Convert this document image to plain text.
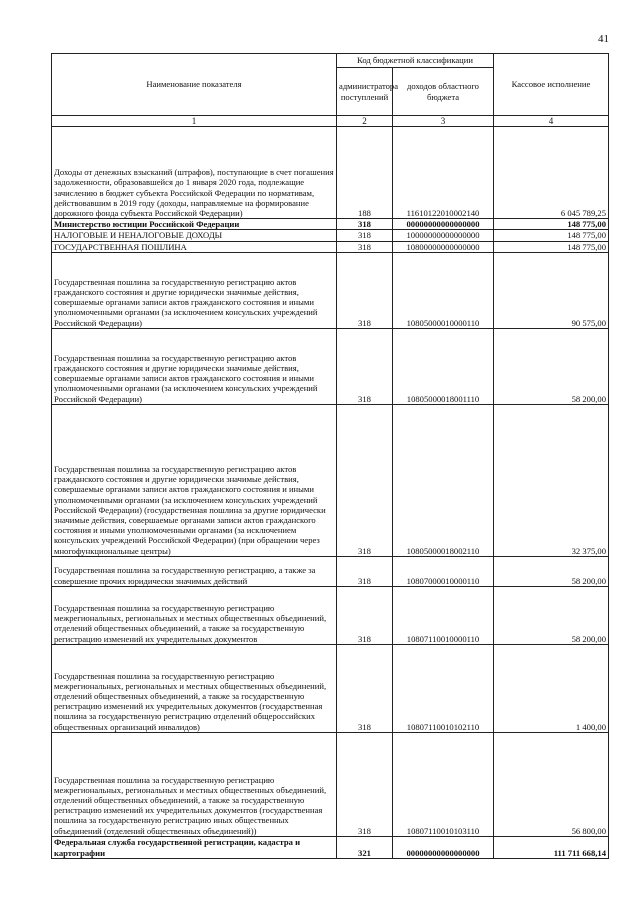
41
Наименование показателя	Код бюджетной классификации		Кассовое исполнение
	администратора поступлений	доходов областного бюджета	
1	2	3	4
Доходы от денежных взысканий (штрафов), поступающие в счет погашения задолженности, образовавшейся до 1 января 2020 года, подлежащие зачислению в бюджет субъекта Российской Федерации по нормативам, действовавшим в 2019 году (доходы, направляемые на формирование дорожного фонда субъекта Российской Федерации)	188	11610122010002140	6 045 789,25
Министерство юстиции Российской Федерации	318	00000000000000000	148 775,00
НАЛОГОВЫЕ И НЕНАЛОГОВЫЕ ДОХОДЫ	318	10000000000000000	148 775,00
ГОСУДАРСТВЕННАЯ ПОШЛИНА	318	10800000000000000	148 775,00
Государственная пошлина за государственную регистрацию актов гражданского состояния и другие юридически значимые действия, совершаемые органами записи актов гражданского состояния и иными уполномоченными органами (за исключением консульских учреждений Российской Федерации)	318	10805000010000110	90 575,00
Государственная пошлина за государственную регистрацию актов гражданского состояния и другие юридически значимые действия, совершаемые органами записи актов гражданского состояния и иными уполномоченными органами (за исключением консульских учреждений Российской Федерации)	318	10805000018001110	58 200,00
Государственная пошлина за государственную регистрацию актов гражданского состояния и другие юридически значимые действия, совершаемые органами записи актов гражданского состояния и иными уполномоченными органами (за исключением консульских учреждений Российской Федерации) (государственная пошлина за другие юридически значимые действия, совершаемые органами записи актов гражданского состояния и иными уполномоченными органами (за исключением консульских учреждений Российской Федерации) (при обращении через многофункциональные центры)	318	10805000018002110	32 375,00
Государственная пошлина за государственную регистрацию, а также за совершение прочих юридически значимых действий	318	10807000010000110	58 200,00
Государственная пошлина за государственную регистрацию межрегиональных, региональных и местных общественных объединений, отделений общественных объединений, а также за государственную регистрацию изменений их учредительных документов	318	10807110010000110	58 200,00
Государственная пошлина за государственную регистрацию межрегиональных, региональных и местных общественных объединений, отделений общественных объединений, а также за государственную регистрацию изменений их учредительных документов (государственная пошлина за государственную регистрацию отделений общероссийских общественных организаций инвалидов)	318	10807110010102110	1 400,00
Государственная пошлина за государственную регистрацию межрегиональных, региональных и местных общественных объединений, отделений общественных объединений, а также за государственную регистрацию изменений их учредительных документов (государственная пошлина за государственную регистрацию иных общественных объединений (отделений общественных объединений))	318	10807110010103110	56 800,00
Федеральная служба государственной регистрации, кадастра и картографии	321	00000000000000000	111 711 668,14
